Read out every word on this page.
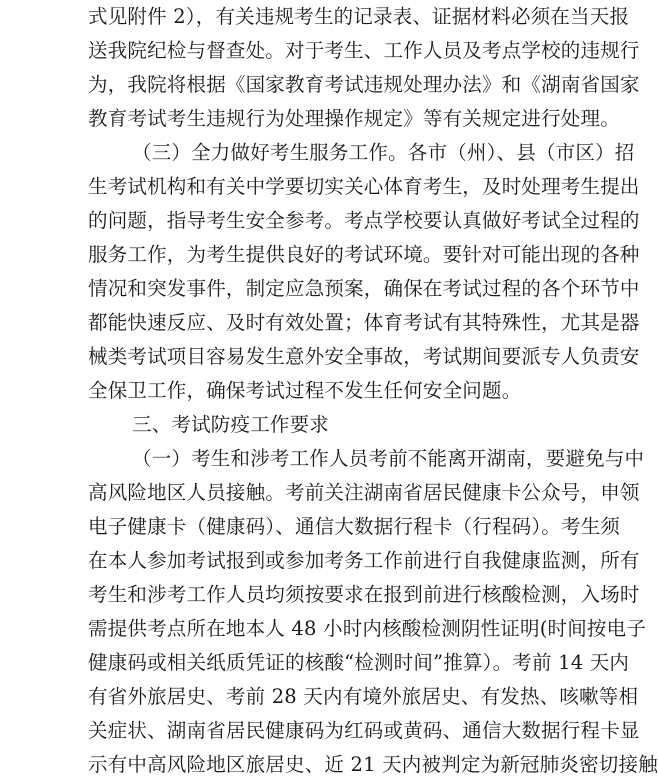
式见附件 2），有关违规考生的记录表、证据材料必须在当天报
送我院纪检与督查处。对于考生、工作人员及考点学校的违规行
为，我院将根据《国家教育考试违规处理办法》和《湖南省国家
教育考试考生违规行为处理操作规定》等有关规定进行处理。
（三）全力做好考生服务工作。各市（州）、县（市区）招
生考试机构和有关中学要切实关心体育考生，及时处理考生提出
的问题，指导考生安全参考。考点学校要认真做好考试全过程的
服务工作，为考生提供良好的考试环境。要针对可能出现的各种
情况和突发事件，制定应急预案，确保在考试过程的各个环节中
都能快速反应、及时有效处置；体育考试有其特殊性，尤其是器
械类考试项目容易发生意外安全事故，考试期间要派专人负责安
全保卫工作，确保考试过程不发生任何安全问题。
三、考试防疫工作要求
（一）考生和涉考工作人员考前不能离开湖南，要避免与中
高风险地区人员接触。考前关注湖南省居民健康卡公众号，申领
电子健康卡（健康码）、通信大数据行程卡（行程码）。考生须
在本人参加考试报到或参加考务工作前进行自我健康监测，所有
考生和涉考工作人员均须按要求在报到前进行核酸检测，入场时
需提供考点所在地本人 48 小时内核酸检测阴性证明(时间按电子
健康码或相关纸质凭证的核酸“检测时间”推算）。考前 14 天内
有省外旅居史、考前 28 天内有境外旅居史、有发热、咳嗽等相
关症状、湖南省居民健康码为红码或黄码、通信大数据行程卡显
示有中高风险地区旅居史、近 21 天内被判定为新冠肺炎密切接触
